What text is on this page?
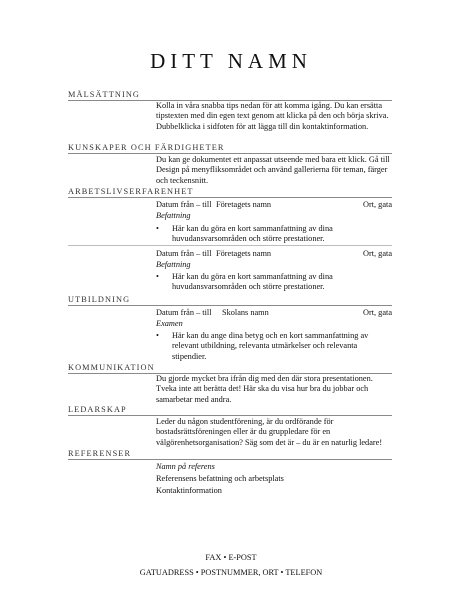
DITT NAMN
MÅLSÄTTNING
Kolla in våra snabba tips nedan för att komma igång. Du kan ersätta tipstexten med din egen text genom att klicka på den och börja skriva. Dubbelklicka i sidfoten för att lägga till din kontaktinformation.
KUNSKAPER OCH FÄRDIGHETER
Du kan ge dokumentet ett anpassat utseende med bara ett klick. Gå till Design på menyfliksområdet och använd gallerierna för teman, färger och teckensnitt.
ARBETSLIVSERFARENHET
Datum från – till Företagets namn	Ort, gata
Befattning
• Här kan du göra en kort sammanfattning av dina huvudansvarsområden och större prestationer.
Datum från – till Företagets namn	Ort, gata
Befattning
• Här kan du göra en kort sammanfattning av dina huvudansvarsområden och större prestationer.
UTBILDNING
Datum från – till Skolans namn	Ort, gata
Examen
• Här kan du ange dina betyg och en kort sammanfattning av relevant utbildning, relevanta utmärkelser och relevanta stipendier.
KOMMUNIKATION
Du gjorde mycket bra ifrån dig med den där stora presentationen. Tveka inte att berätta det! Här ska du visa hur bra du jobbar och samarbetar med andra.
LEDARSKAP
Leder du någon studentförening, är du ordförande för bostadsrättsföreningen eller är du gruppledare för en välgörenhetsorganisation? Säg som det är – du är en naturlig ledare!
REFERENSER
Namn på referens
Referensens befattning och arbetsplats
Kontaktinformation
FAX • E-POST
GATUADRESS • POSTNUMMER, ORT • TELEFON
